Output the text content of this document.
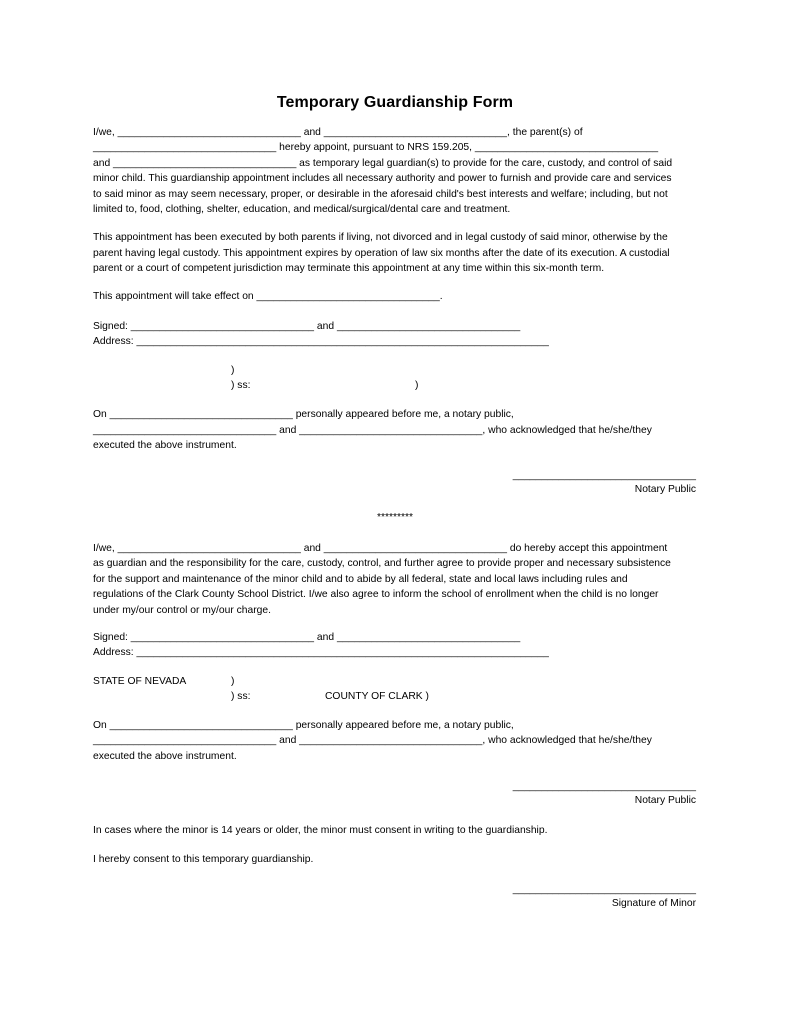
Temporary Guardianship Form
I/we, ________________________________ and ________________________________, the parent(s) of
________________________________ hereby appoint, pursuant to NRS 159.205, ________________________________
and ________________________________ as temporary legal guardian(s) to provide for the care, custody, and control of said
minor child. This guardianship appointment includes all necessary authority and power to furnish and provide care and services
to said minor as may seem necessary, proper, or desirable in the aforesaid child's best interests and welfare; including, but not
limited to, food, clothing, shelter, education, and medical/surgical/dental care and treatment.
This appointment has been executed by both parents if living, not divorced and in legal custody of said minor, otherwise by the
parent having legal custody. This appointment expires by operation of law six months after the date of its execution. A custodial
parent or a court of competent jurisdiction may terminate this appointment at any time within this six-month term.
This appointment will take effect on ________________________________.
Signed: ________________________________ and ________________________________
Address: ________________________________________________________________________
)
) ss:	)
On ________________________________ personally appeared before me, a notary public,
________________________________ and ________________________________, who acknowledged that he/she/they
executed the above instrument.
________________________________
Notary Public
*********
I/we, ________________________________ and ________________________________ do hereby accept this appointment
as guardian and the responsibility for the care, custody, control, and further agree to provide proper and necessary subsistence
for the support and maintenance of the minor child and to abide by all federal, state and local laws including rules and
regulations of the Clark County School District. I/we also agree to inform the school of enrollment when the child is no longer
under my/our control or my/our charge.
Signed: ________________________________ and ________________________________
Address: ________________________________________________________________________
STATE OF NEVADA	)
) ss:	COUNTY OF CLARK )
On ________________________________ personally appeared before me, a notary public,
________________________________ and ________________________________, who acknowledged that he/she/they
executed the above instrument.
________________________________
Notary Public
In cases where the minor is 14 years or older, the minor must consent in writing to the guardianship.
I hereby consent to this temporary guardianship.
________________________________
Signature of Minor
